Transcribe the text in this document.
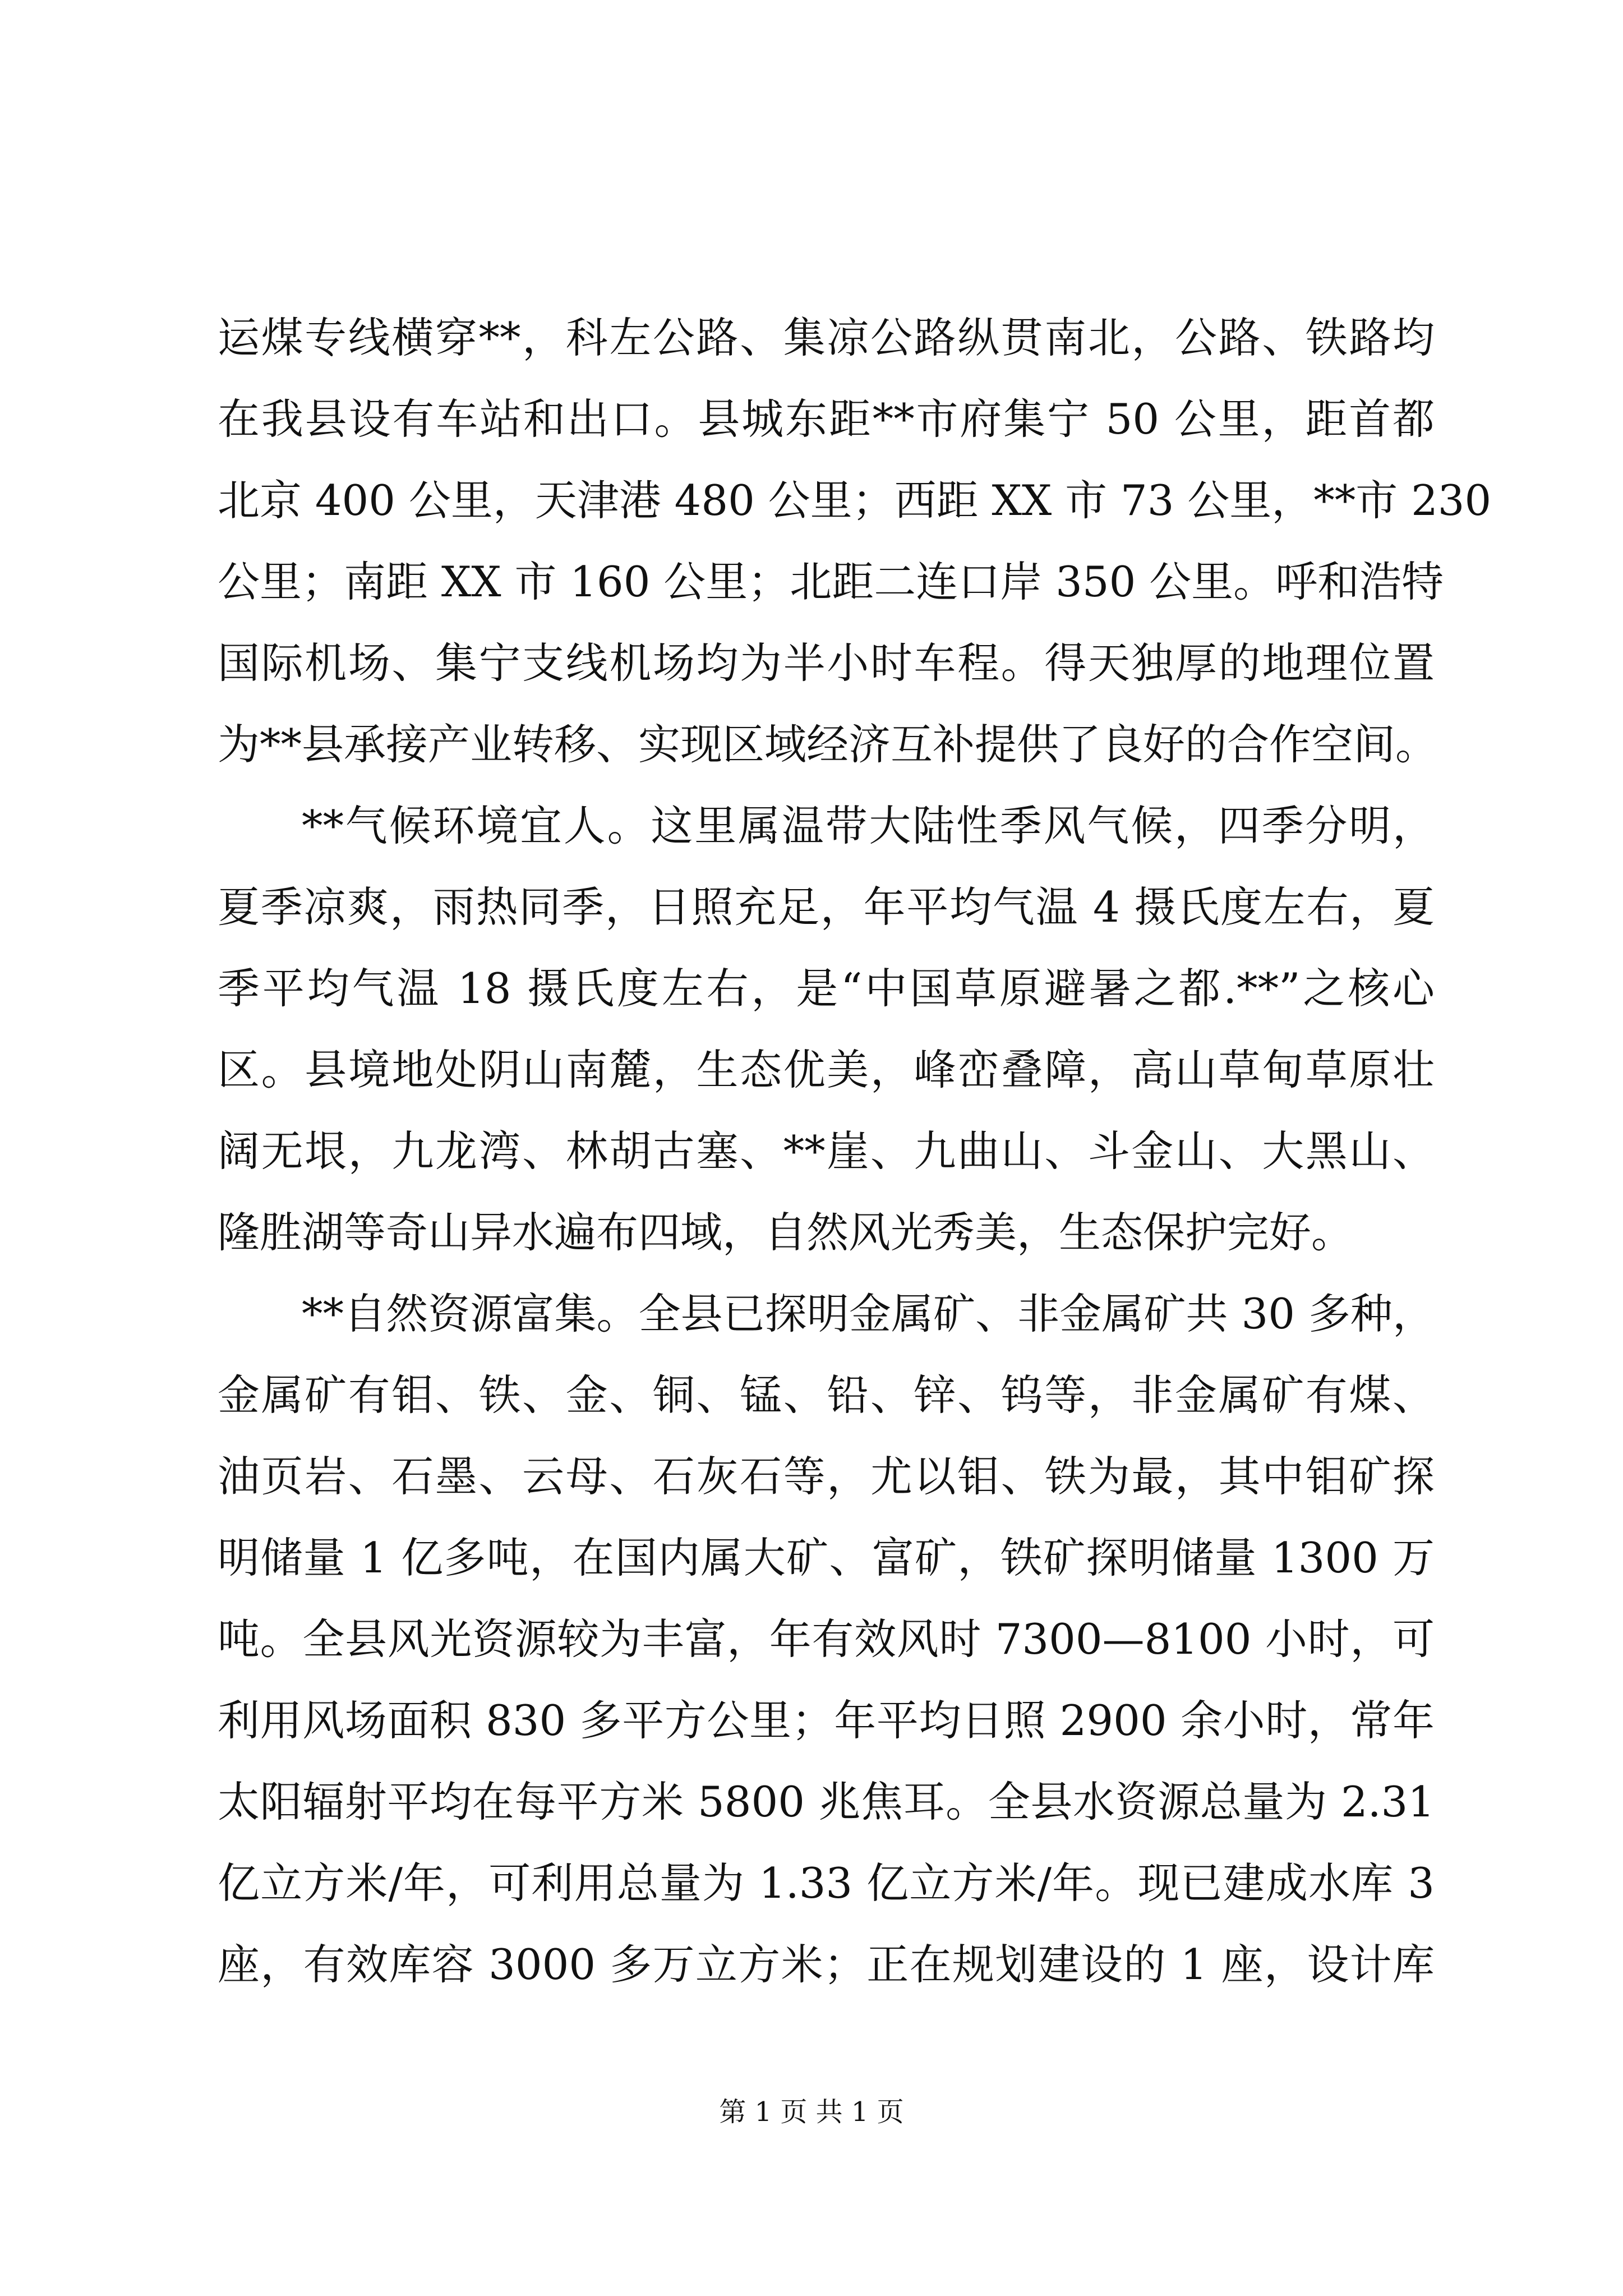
运煤专线横穿**，科左公路、集凉公路纵贯南北，公路、铁路均
在我县设有车站和出口。县城东距**市府集宁 50 公里，距首都
北京 400 公里，天津港 480 公里；西距 XX 市 73 公里，**市 230
公里；南距 XX 市 160 公里；北距二连口岸 350 公里。呼和浩特
国际机场、集宁支线机场均为半小时车程。得天独厚的地理位置
为**县承接产业转移、实现区域经济互补提供了良好的合作空间。
**气候环境宜人。这里属温带大陆性季风气候，四季分明，
夏季凉爽，雨热同季，日照充足，年平均气温 4 摄氏度左右，夏
季平均气温 18 摄氏度左右，是“中国草原避暑之都.**”之核心
区。县境地处阴山南麓，生态优美，峰峦叠障，高山草甸草原壮
阔无垠，九龙湾、林胡古塞、**崖、九曲山、斗金山、大黑山、
隆胜湖等奇山异水遍布四域，自然风光秀美，生态保护完好。
**自然资源富集。全县已探明金属矿、非金属矿共 30 多种，
金属矿有钼、铁、金、铜、锰、铅、锌、钨等，非金属矿有煤、
油页岩、石墨、云母、石灰石等，尤以钼、铁为最，其中钼矿探
明储量 1 亿多吨，在国内属大矿、富矿，铁矿探明储量 1300 万
吨。全县风光资源较为丰富，年有效风时 7300—8100 小时，可
利用风场面积 830 多平方公里；年平均日照 2900 余小时，常年
太阳辐射平均在每平方米 5800 兆焦耳。全县水资源总量为 2.31
亿立方米/年，可利用总量为 1.33 亿立方米/年。现已建成水库 3
座，有效库容 3000 多万立方米；正在规划建设的 1 座，设计库
第 1 页 共 1 页
